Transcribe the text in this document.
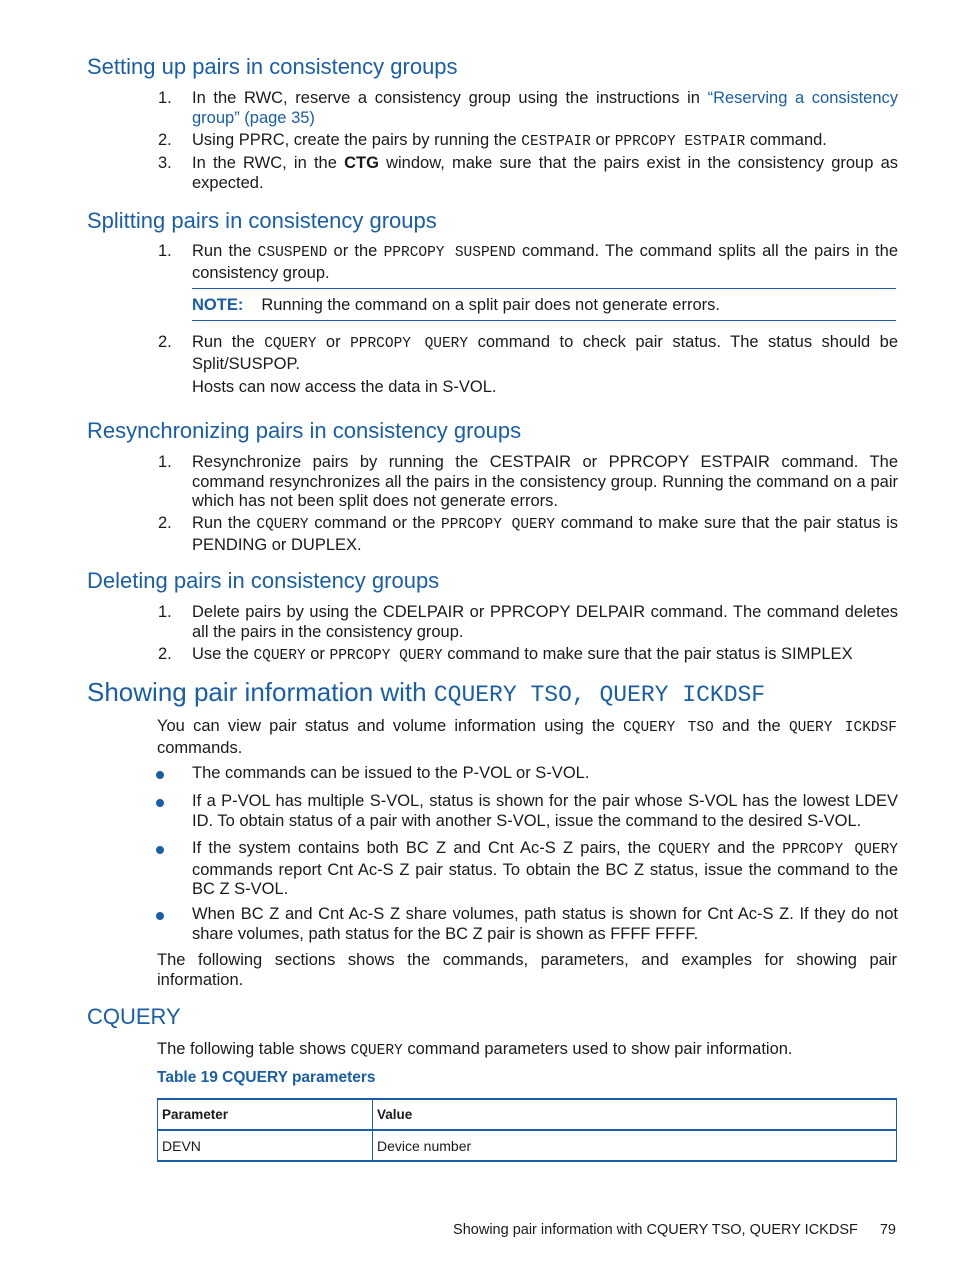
Setting up pairs in consistency groups
1. In the RWC, reserve a consistency group using the instructions in “Reserving a consistency group” (page 35)
2. Using PPRC, create the pairs by running the CESTPAIR or PPRCOPY ESTPAIR command.
3. In the RWC, in the CTG window, make sure that the pairs exist in the consistency group as expected.
Splitting pairs in consistency groups
1. Run the CSUSPEND or the PPRCOPY SUSPEND command. The command splits all the pairs in the consistency group.
NOTE: Running the command on a split pair does not generate errors.
2. Run the CQUERY or PPRCOPY QUERY command to check pair status. The status should be Split/SUSPOP.
Hosts can now access the data in S-VOL.
Resynchronizing pairs in consistency groups
1. Resynchronize pairs by running the CESTPAIR or PPRCOPY ESTPAIR command. The command resynchronizes all the pairs in the consistency group. Running the command on a pair which has not been split does not generate errors.
2. Run the CQUERY command or the PPRCOPY QUERY command to make sure that the pair status is PENDING or DUPLEX.
Deleting pairs in consistency groups
1. Delete pairs by using the CDELPAIR or PPRCOPY DELPAIR command. The command deletes all the pairs in the consistency group.
2. Use the CQUERY or PPRCOPY QUERY command to make sure that the pair status is SIMPLEX
Showing pair information with CQUERY TSO, QUERY ICKDSF
You can view pair status and volume information using the CQUERY TSO and the QUERY ICKDSF commands.
The commands can be issued to the P-VOL or S-VOL.
If a P-VOL has multiple S-VOL, status is shown for the pair whose S-VOL has the lowest LDEV ID. To obtain status of a pair with another S-VOL, issue the command to the desired S-VOL.
If the system contains both BC Z and Cnt Ac-S Z pairs, the CQUERY and the PPRCOPY QUERY commands report Cnt Ac-S Z pair status. To obtain the BC Z status, issue the command to the BC Z S-VOL.
When BC Z and Cnt Ac-S Z share volumes, path status is shown for Cnt Ac-S Z. If they do not share volumes, path status for the BC Z pair is shown as FFFF FFFF.
The following sections shows the commands, parameters, and examples for showing pair information.
CQUERY
The following table shows CQUERY command parameters used to show pair information.
Table 19 CQUERY parameters
Parameter	Value
DEVN	Device number
Showing pair information with CQUERY TSO, QUERY ICKDSF 79
